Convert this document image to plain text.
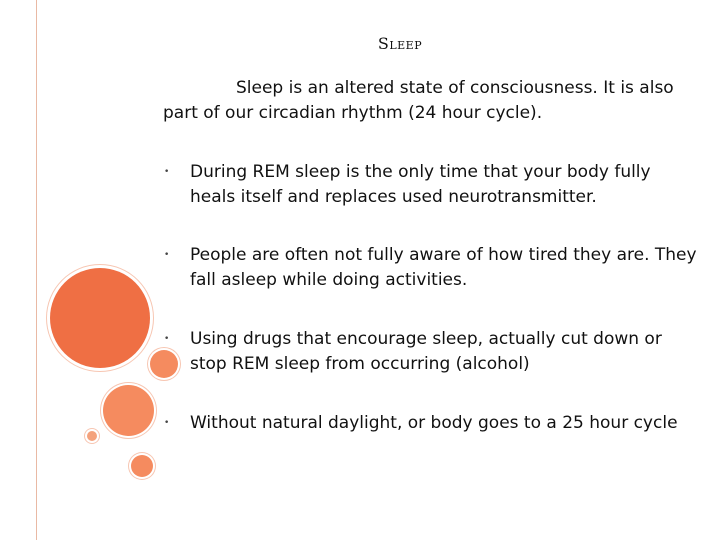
Sleep
Sleep is an altered state of consciousness. It is also part of our circadian rhythm (24 hour cycle).
• During REM sleep is the only time that your body fully heals itself and replaces used neurotransmitter.
• People are often not fully aware of how tired they are. They fall asleep while doing activities.
• Using drugs that encourage sleep, actually cut down or stop REM sleep from occurring (alcohol)
• Without natural daylight, or body goes to a 25 hour cycle
